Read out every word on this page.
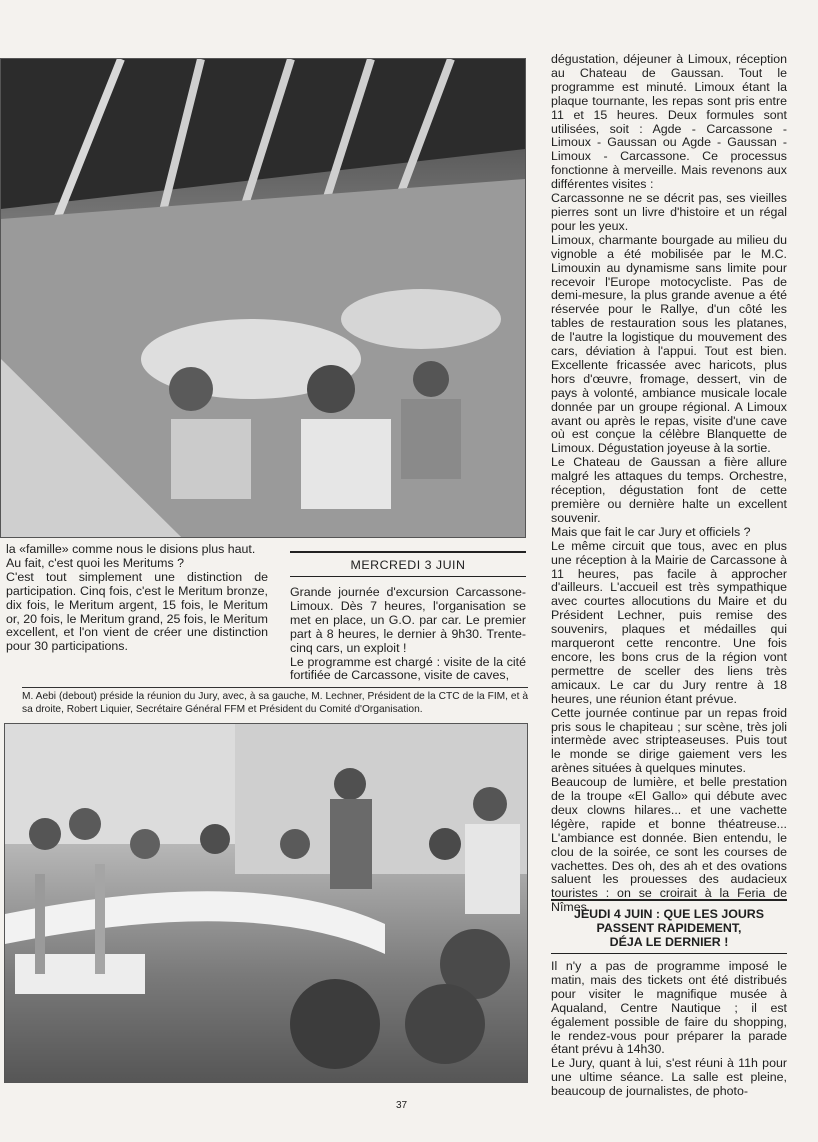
la «famille» comme nous le disions plus haut.

Au fait, c'est quoi les Meritums ?

C'est tout simplement une distinction de participation. Cinq fois, c'est le Meritum bronze, dix fois, le Meritum argent, 15 fois, le Meritum or, 20 fois, le Meritum grand, 25 fois, le Meritum excellent, et l'on vient de créer une distinction pour 30 participations.

MERCREDI 3 JUIN

Grande journée d'excursion Carcassone-Limoux. Dès 7 heures, l'organisation se met en place, un G.O. par car. Le premier part à 8 heures, le dernier à 9h30. Trente-cinq cars, un exploit !

Le programme est chargé : visite de la cité fortifiée de Carcassone, visite de caves,

M. Aebi (debout) préside la réunion du Jury, avec, à sa gauche, M. Lechner, Président de la CTC de la FIM, et à sa droite, Robert Liquier, Secrétaire Général FFM et Président du Comité d'Organisation.

dégustation, déjeuner à Limoux, réception au Chateau de Gaussan. Tout le programme est minuté. Limoux étant la plaque tournante, les repas sont pris entre 11 et 15 heures. Deux formules sont utilisées, soit : Agde - Carcassone - Limoux - Gaussan ou Agde - Gaussan - Limoux - Carcassone. Ce processus fonctionne à merveille. Mais revenons aux différentes visites :

Carcassonne ne se décrit pas, ses vieilles pierres sont un livre d'histoire et un régal pour les yeux.

Limoux, charmante bourgade au milieu du vignoble a été mobilisée par le M.C. Limouxin au dynamisme sans limite pour recevoir l'Europe motocycliste. Pas de demi-mesure, la plus grande avenue a été réservée pour le Rallye, d'un côté les tables de restauration sous les platanes, de l'autre la logistique du mouvement des cars, déviation à l'appui. Tout est bien. Excellente fricassée avec haricots, plus hors d'œuvre, fromage, dessert, vin de pays à volonté, ambiance musicale locale donnée par un groupe régional. A Limoux avant ou après le repas, visite d'une cave où est conçue la célèbre Blanquette de Limoux. Dégustation joyeuse à la sortie.

Le Chateau de Gaussan a fière allure malgré les attaques du temps. Orchestre, réception, dégustation font de cette première ou dernière halte un excellent souvenir.

Mais que fait le car Jury et officiels ?

Le même circuit que tous, avec en plus une réception à la Mairie de Carcassone à 11 heures, pas facile à approcher d'ailleurs. L'accueil est très sympathique avec courtes allocutions du Maire et du Président Lechner, puis remise des souvenirs, plaques et médailles qui marqueront cette rencontre. Une fois encore, les bons crus de la région vont permettre de sceller des liens très amicaux. Le car du Jury rentre à 18 heures, une réunion étant prévue.

Cette journée continue par un repas froid pris sous le chapiteau ; sur scène, très joli intermède avec stripteaseuses. Puis tout le monde se dirige gaiement vers les arènes situées à quelques minutes.

Beaucoup de lumière, et belle prestation de la troupe «El Gallo» qui débute avec deux clowns hilares... et une vachette légère, rapide et bonne théatreuse... L'ambiance est donnée. Bien entendu, le clou de la soirée, ce sont les courses de vachettes. Des oh, des ah et des ovations saluent les prouesses des audacieux touristes : on se croirait à la Feria de Nîmes.

JEUDI 4 JUIN : QUE LES JOURS
PASSENT RAPIDEMENT,
DÉJA LE DERNIER !

Il n'y a pas de programme imposé le matin, mais des tickets ont été distribués pour visiter le magnifique musée à Aqualand, Centre Nautique ; il est également possible de faire du shopping, le rendez-vous pour préparer la parade étant prévu à 14h30.

Le Jury, quant à lui, s'est réuni à 11h pour une ultime séance. La salle est pleine, beaucoup de journalistes, de photo-

37
